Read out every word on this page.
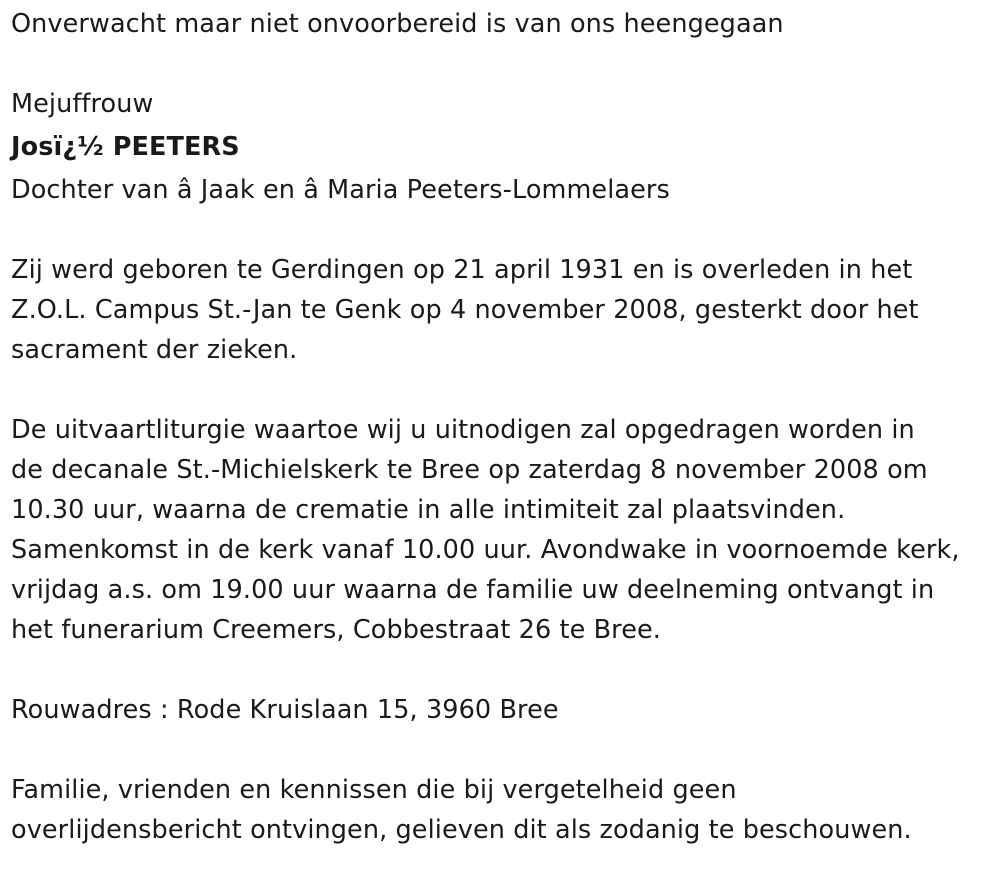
Onverwacht maar niet onvoorbereid is van ons heengegaan
Mejuffrouw
Josï¿½ PEETERS
Dochter van â Jaak en â Maria Peeters-Lommelaers
Zij werd geboren te Gerdingen op 21 april 1931 en is overleden in het
Z.O.L. Campus St.-Jan te Genk op 4 november 2008, gesterkt door het
sacrament der zieken.
De uitvaartliturgie waartoe wij u uitnodigen zal opgedragen worden in
de decanale St.-Michielskerk te Bree op zaterdag 8 november 2008 om
10.30 uur, waarna de crematie in alle intimiteit zal plaatsvinden.
Samenkomst in de kerk vanaf 10.00 uur. Avondwake in voornoemde kerk,
vrijdag a.s. om 19.00 uur waarna de familie uw deelneming ontvangt in
het funerarium Creemers, Cobbestraat 26 te Bree.
Rouwadres : Rode Kruislaan 15, 3960 Bree
Familie, vrienden en kennissen die bij vergetelheid geen
overlijdensbericht ontvingen, gelieven dit als zodanig te beschouwen.
